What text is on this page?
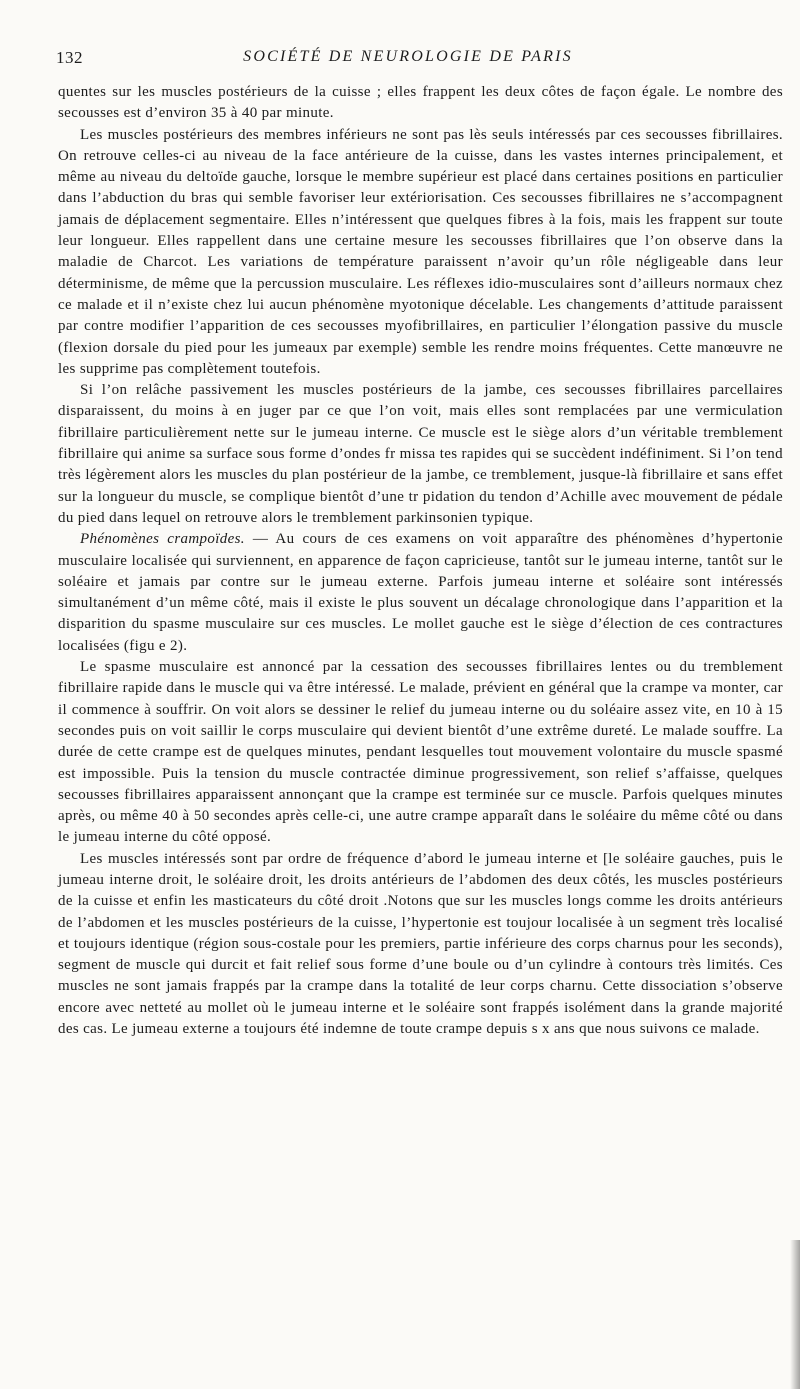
132	SOCIÉTÉ DE NEUROLOGIE DE PARIS

quentes sur les muscles postérieurs de la cuisse ; elles frappent les deux côtes de façon égale. Le nombre des secousses est d’environ 35 à 40 par minute.

Les muscles postérieurs des membres inférieurs ne sont pas lès seuls intéressés par ces secousses fibrillaires. On retrouve celles-ci au niveau de la face antérieure de la cuisse, dans les vastes internes principalement, et même au niveau du deltoïde gauche, lorsque le membre supérieur est placé dans certaines positions en particulier dans l’abduction du bras qui semble favoriser leur extériorisation. Ces secousses fibrillaires ne s’accompagnent jamais de déplacement segmentaire. Elles n’intéressent que quelques fibres à la fois, mais les frappent sur toute leur longueur. Elles rappellent dans une certaine mesure les secousses fibrillaires que l’on observe dans la maladie de Charcot. Les variations de température paraissent n’avoir qu’un rôle négligeable dans leur déterminisme, de même que la percussion musculaire. Les réflexes idio-musculaires sont d’ailleurs normaux chez ce malade et il n’existe chez lui aucun phénomène myotonique décelable. Les changements d’attitude paraissent par contre modifier l’apparition de ces secousses myofibrillaires, en particulier l’élongation passive du muscle (flexion dorsale du pied pour les jumeaux par exemple) semble les rendre moins fréquentes. Cette manœuvre ne les supprime pas complètement toutefois.

Si l’on relâche passivement les muscles postérieurs de la jambe, ces secousses fibrillaires parcellaires disparaissent, du moins à en juger par ce que l’on voit, mais elles sont remplacées par une vermiculation fibrillaire particulièrement nette sur le jumeau interne. Ce muscle est le siège alors d’un véritable tremblement fibrillaire qui anime sa surface sous forme d’ondes fr missa tes rapides qui se succèdent indéfiniment. Si l’on tend très légèrement alors les muscles du plan postérieur de la jambe, ce tremblement, jusque-là fibrillaire et sans effet sur la longueur du muscle, se complique bientôt d’une tr pidation du tendon d’Achille avec mouvement de pédale du pied dans lequel on retrouve alors le tremblement parkinsonien typique.

Phénomènes crampoïdes. — Au cours de ces examens on voit apparaître des phénomènes d’hypertonie musculaire localisée qui surviennent, en apparence de façon capricieuse, tantôt sur le jumeau interne, tantôt sur le soléaire et jamais par contre sur le jumeau externe. Parfois jumeau interne et soléaire sont intéressés simultanément d’un même côté, mais il existe le plus souvent un décalage chronologique dans l’apparition et la disparition du spasme musculaire sur ces muscles. Le mollet gauche est le siège d’élection de ces contractures localisées (figu e 2).

Le spasme musculaire est annoncé par la cessation des secousses fibrillaires lentes ou du tremblement fibrillaire rapide dans le muscle qui va être intéressé. Le malade, prévient en général que la crampe va monter, car il commence à souffrir. On voit alors se dessiner le relief du jumeau interne ou du soléaire assez vite, en 10 à 15 secondes puis on voit saillir le corps musculaire qui devient bientôt d’une extrême dureté. Le malade souffre. La durée de cette crampe est de quelques minutes, pendant lesquelles tout mouvement volontaire du muscle spasmé est impossible. Puis la tension du muscle contractée diminue progressivement, son relief s’affaisse, quelques secousses fibrillaires apparaissent annonçant que la crampe est terminée sur ce muscle. Parfois quelques minutes après, ou même 40 à 50 secondes après celle-ci, une autre crampe apparaît dans le soléaire du même côté ou dans le jumeau interne du côté opposé.

Les muscles intéressés sont par ordre de fréquence d’abord le jumeau interne et [le soléaire gauches, puis le jumeau interne droit, le soléaire droit, les droits antérieurs de l’abdomen des deux côtés, les muscles postérieurs de la cuisse et enfin les masticateurs du côté droit .Notons que sur les muscles longs comme les droits antérieurs de l’abdomen et les muscles postérieurs de la cuisse, l’hypertonie est toujour localisée à un segment très localisé et toujours identique (région sous-costale pour les premiers, partie inférieure des corps charnus pour les seconds), segment de muscle qui durcit et fait relief sous forme d’une boule ou d’un cylindre à contours très limités. Ces muscles ne sont jamais frappés par la crampe dans la totalité de leur corps charnu. Cette dissociation s’observe encore avec netteté au mollet où le jumeau interne et le soléaire sont frappés isolément dans la grande majorité des cas. Le jumeau externe a toujours été indemne de toute crampe depuis s x ans que nous suivons ce malade.
